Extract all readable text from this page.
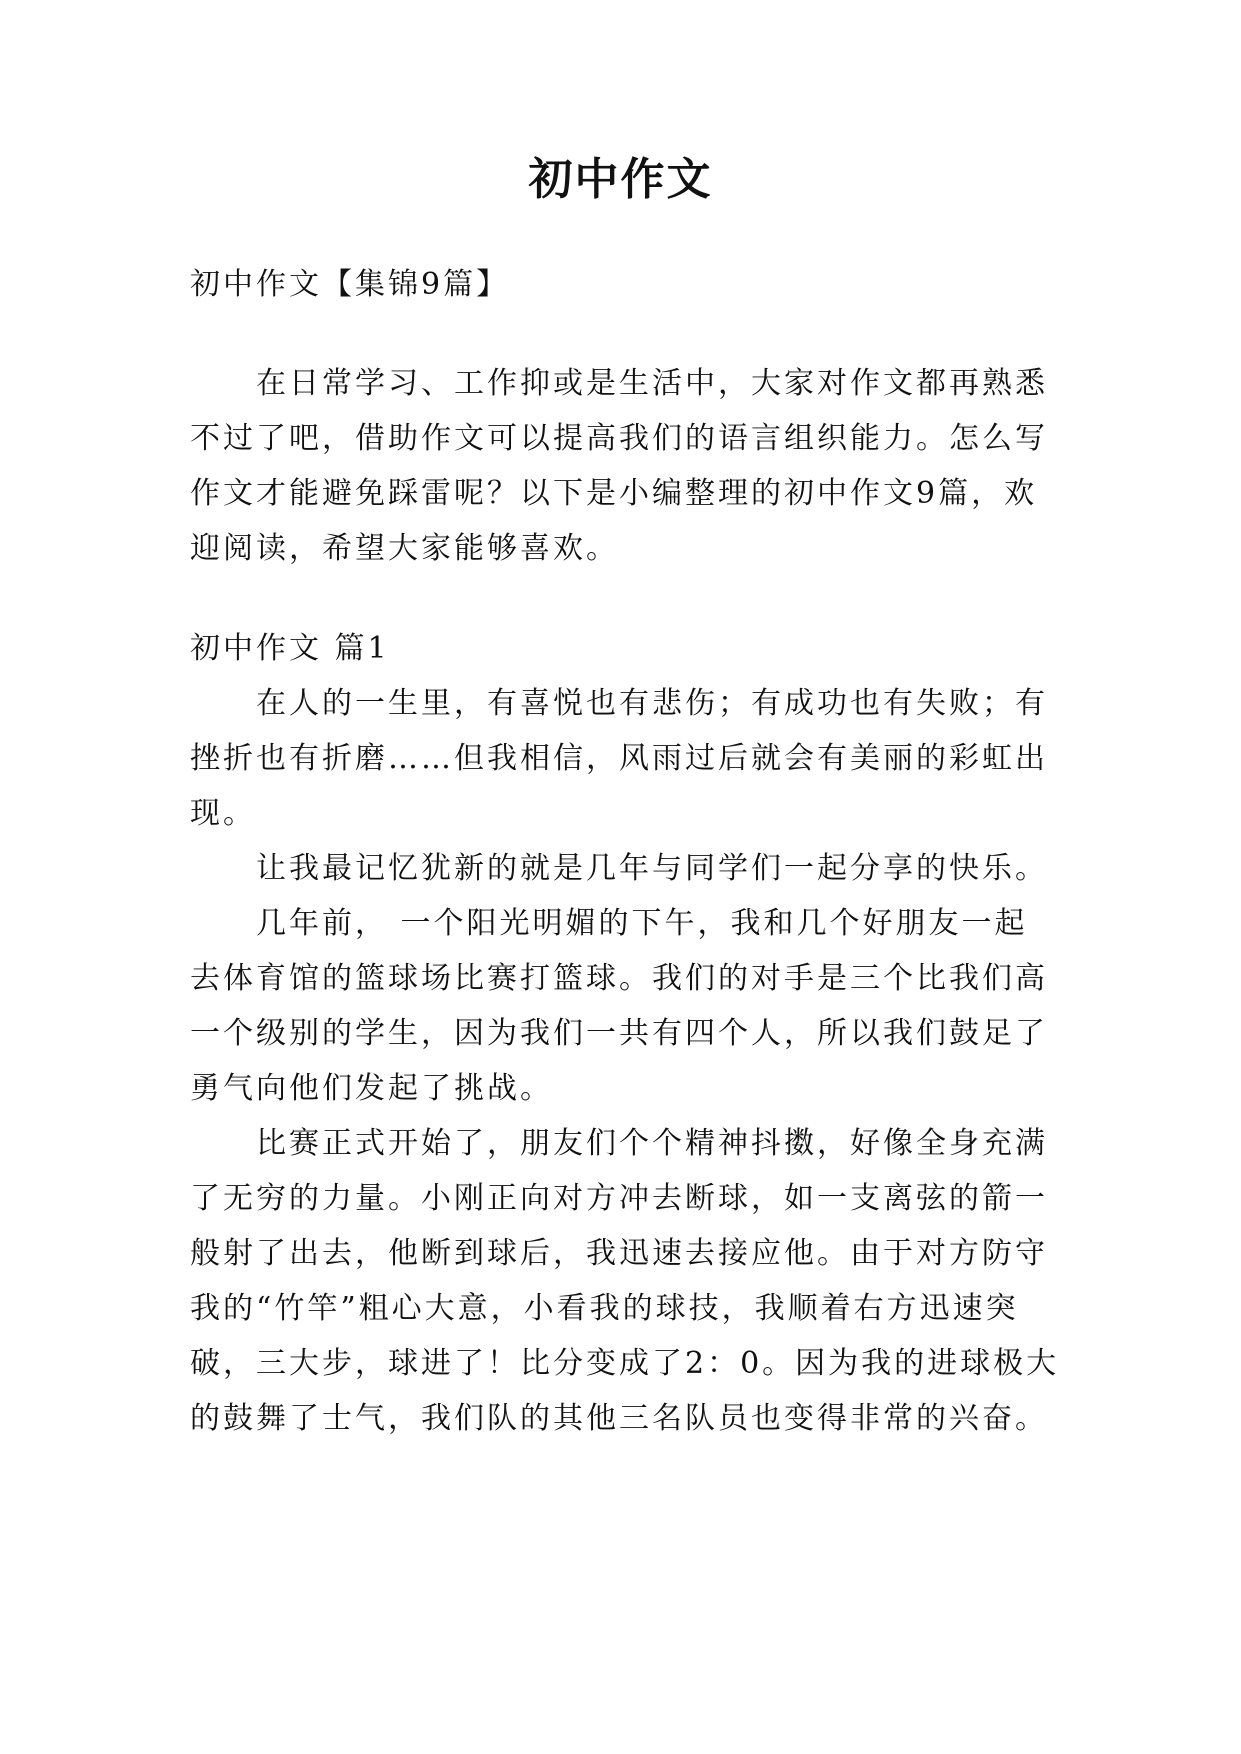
初中作文
初中作文【集锦9篇】
在日常学习、工作抑或是生活中，大家对作文都再熟悉
不过了吧，借助作文可以提高我们的语言组织能力。怎么写
作文才能避免踩雷呢？以下是小编整理的初中作文9篇，欢
迎阅读，希望大家能够喜欢。
初中作文 篇1
在人的一生里，有喜悦也有悲伤；有成功也有失败；有
挫折也有折磨……但我相信，风雨过后就会有美丽的彩虹出
现。
让我最记忆犹新的就是几年与同学们一起分享的快乐。
几年前， 一个阳光明媚的下午，我和几个好朋友一起
去体育馆的篮球场比赛打篮球。我们的对手是三个比我们高
一个级别的学生，因为我们一共有四个人，所以我们鼓足了
勇气向他们发起了挑战。
比赛正式开始了，朋友们个个精神抖擞，好像全身充满
了无穷的力量。小刚正向对方冲去断球，如一支离弦的箭一
般射了出去，他断到球后，我迅速去接应他。由于对方防守
我的“竹竿”粗心大意，小看我的球技，我顺着右方迅速突
破，三大步，球进了！比分变成了2：0。因为我的进球极大
的鼓舞了士气，我们队的其他三名队员也变得非常的兴奋。
